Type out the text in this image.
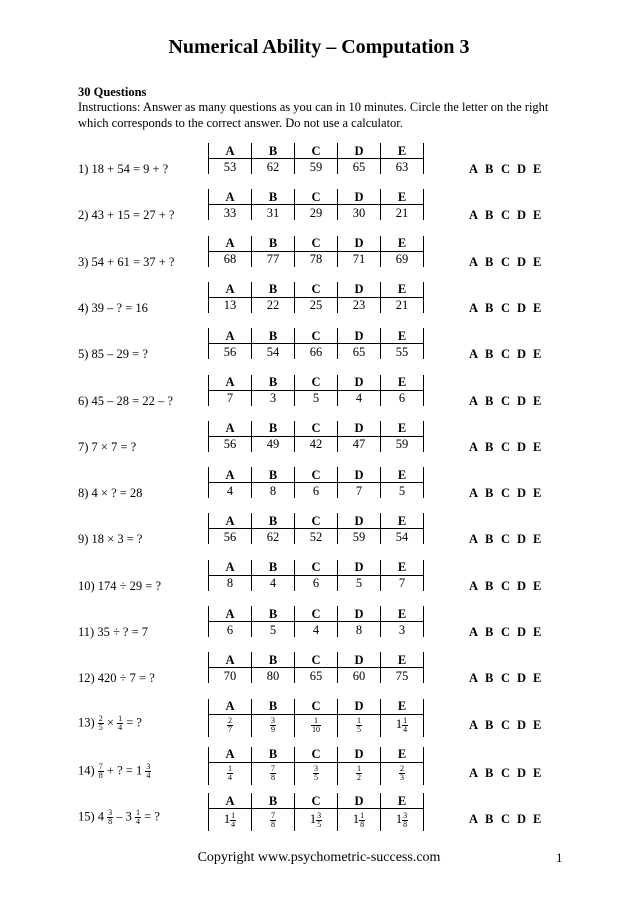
Numerical Ability – Computation 3
30 Questions
Instructions: Answer as many questions as you can in 10 minutes. Circle the letter on the right which corresponds to the correct answer. Do not use a calculator.
1) 18 + 54 = 9 + ?
A	B	C	D	E
53	62	59	65	63	A B C D E
2) 43 + 15 = 27 + ?
A	B	C	D	E
33	31	29	30	21	A B C D E
3) 54 + 61 = 37 + ?
A	B	C	D	E
68	77	78	71	69	A B C D E
4) 39 – ? = 16
A	B	C	D	E
13	22	25	23	21	A B C D E
5) 85 – 29 = ?
A	B	C	D	E
56	54	66	65	55	A B C D E
6) 45 – 28 = 22 – ?
A	B	C	D	E
7	3	5	4	6	A B C D E
7) 7 × 7 = ?
A	B	C	D	E
56	49	42	47	59	A B C D E
8) 4 × ? = 28
A	B	C	D	E
4	8	6	7	5	A B C D E
9) 18 × 3 = ?
A	B	C	D	E
56	62	52	59	54	A B C D E
10) 174 ÷ 29 = ?
A	B	C	D	E
8	4	6	5	7	A B C D E
11) 35 ÷ ? = 7
A	B	C	D	E
6	5	4	8	3	A B C D E
12) 420 ÷ 7 = ?
A	B	C	D	E
70	80	65	60	75	A B C D E
$13) \frac{2}{5} \times \frac{1}{4}$ = ?
A	B	C	D	E

$\frac{2}{7}$	$\frac{3}{9}$	$\frac{1}{10}$	$\frac{1}{5}$	$1 \frac{1}{4}$	A B C D E
$14) \frac{7}{8}$ + ? = $1 \frac{3}{4}$
A	B	C	D	E

$\frac{1}{4}$	$\frac{7}{8}$	$\frac{3}{5}$	$\frac{1}{2}$	$\frac{2}{3}$	A B C D E
15) $4 \frac{3}{8} - 3 \frac{1}{4}$ = ?
A	B	C	D	E
$1 \frac{1}{4}$	$\frac{7}{8}$	$1 \frac{3}{5}$	$1 \frac{1}{8}$	$1 \frac{3}{8}$	A B C D E
Copyright www.psychometric-success.com	1
